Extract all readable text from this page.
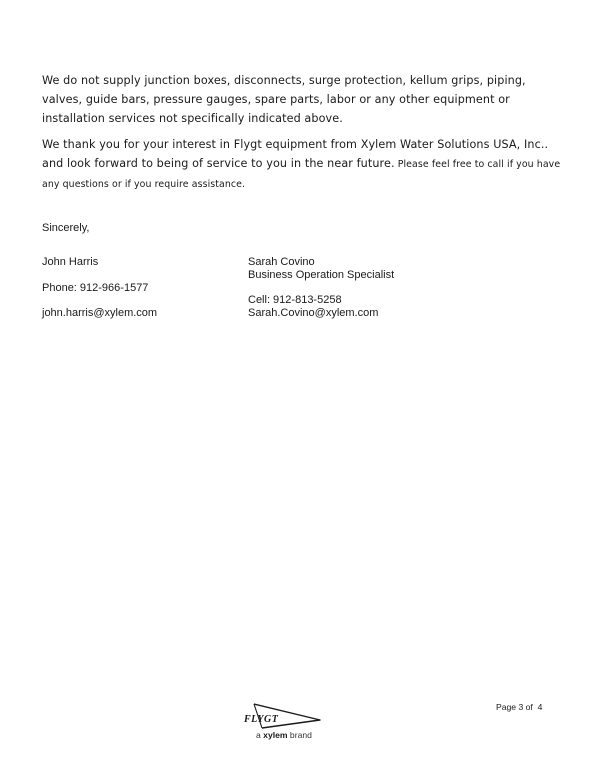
We do not supply junction boxes, disconnects, surge protection, kellum grips, piping, valves, guide bars, pressure gauges, spare parts, labor or any other equipment or installation services not specifically indicated above.

We thank you for your interest in Flygt equipment from Xylem Water Solutions USA, Inc.. and look forward to being of service to you in the near future. Please feel free to call if you have any questions or if you require assistance.

Sincerely,

John Harris

Phone: 912-966-1577

john.harris@xylem.com

Sarah Covino

Business Operation Specialist

Cell: 912-813-5258

Sarah.Covino@xylem.com

FLYGT
a xylem brand
Page 3 of  4
